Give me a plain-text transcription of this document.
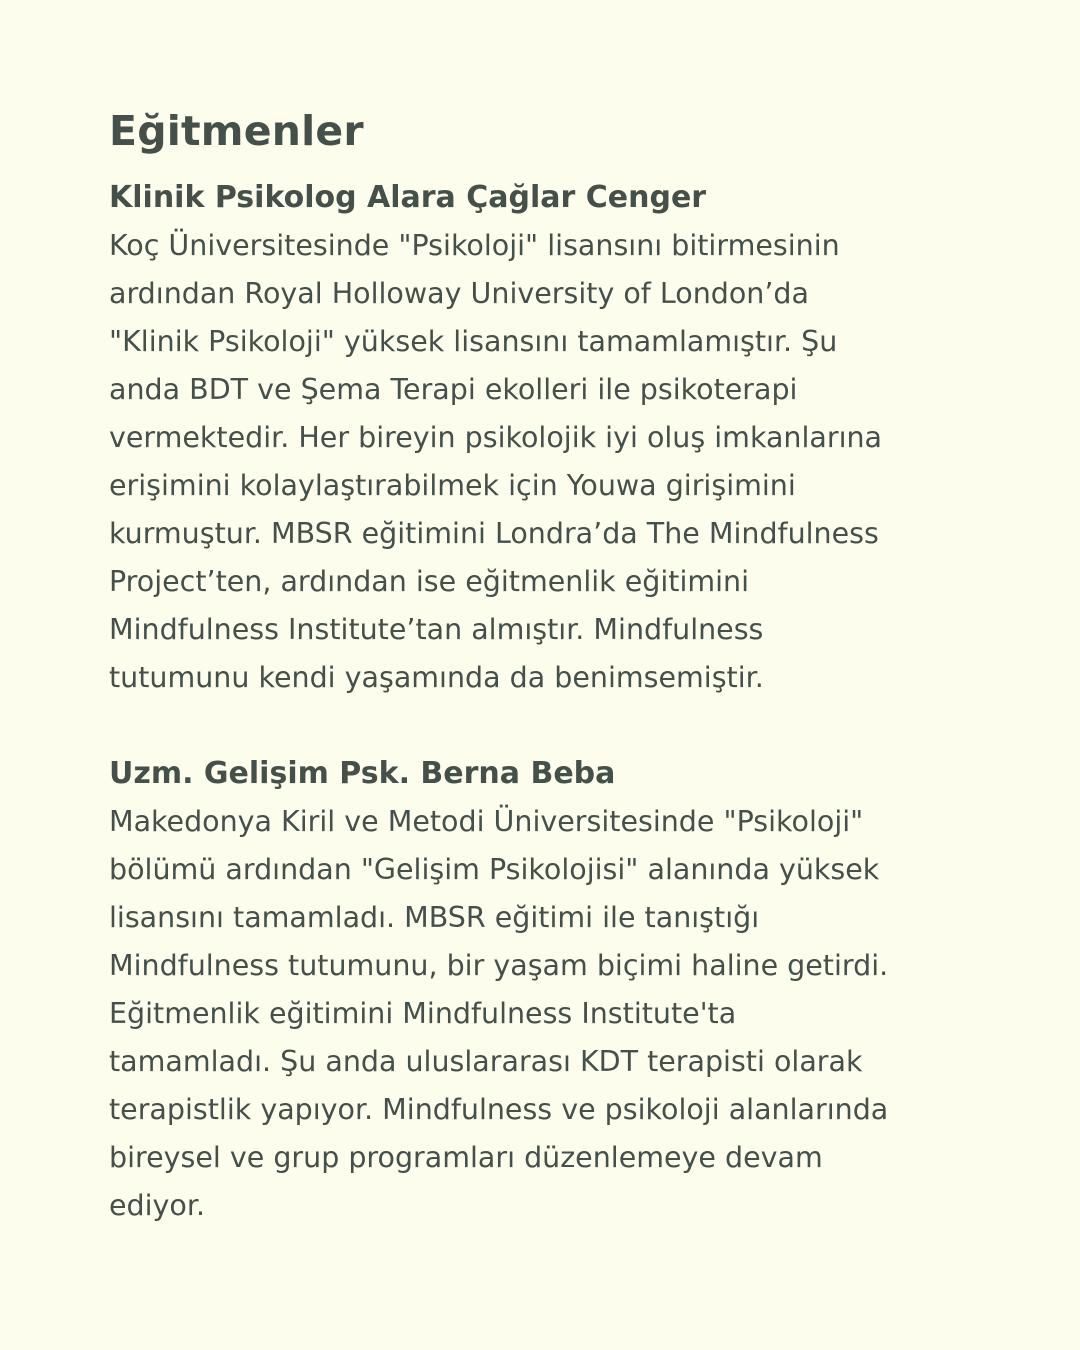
Eğitmenler
Klinik Psikolog Alara Çağlar Cenger

Koç Üniversitesinde "Psikoloji" lisansını bitirmesinin
ardından Royal Holloway University of London’da
"Klinik Psikoloji" yüksek lisansını tamamlamıştır. Şu
anda BDT ve Şema Terapi ekolleri ile psikoterapi
vermektedir. Her bireyin psikolojik iyi oluş imkanlarına
erişimini kolaylaştırabilmek için Youwa girişimini
kurmuştur. MBSR eğitimini Londra’da The Mindfulness
Project’ten, ardından ise eğitmenlik eğitimini
Mindfulness Institute’tan almıştır. Mindfulness
tutumunu kendi yaşamında da benimsemiştir.

Uzm. Gelişim Psk. Berna Beba

Makedonya Kiril ve Metodi Üniversitesinde "Psikoloji"
bölümü ardından "Gelişim Psikolojisi" alanında yüksek
lisansını tamamladı. MBSR eğitimi ile tanıştığı
Mindfulness tutumunu, bir yaşam biçimi haline getirdi.
Eğitmenlik eğitimini Mindfulness Institute'ta
tamamladı. Şu anda uluslararası KDT terapisti olarak
terapistlik yapıyor. Mindfulness ve psikoloji alanlarında
bireysel ve grup programları düzenlemeye devam
ediyor.
